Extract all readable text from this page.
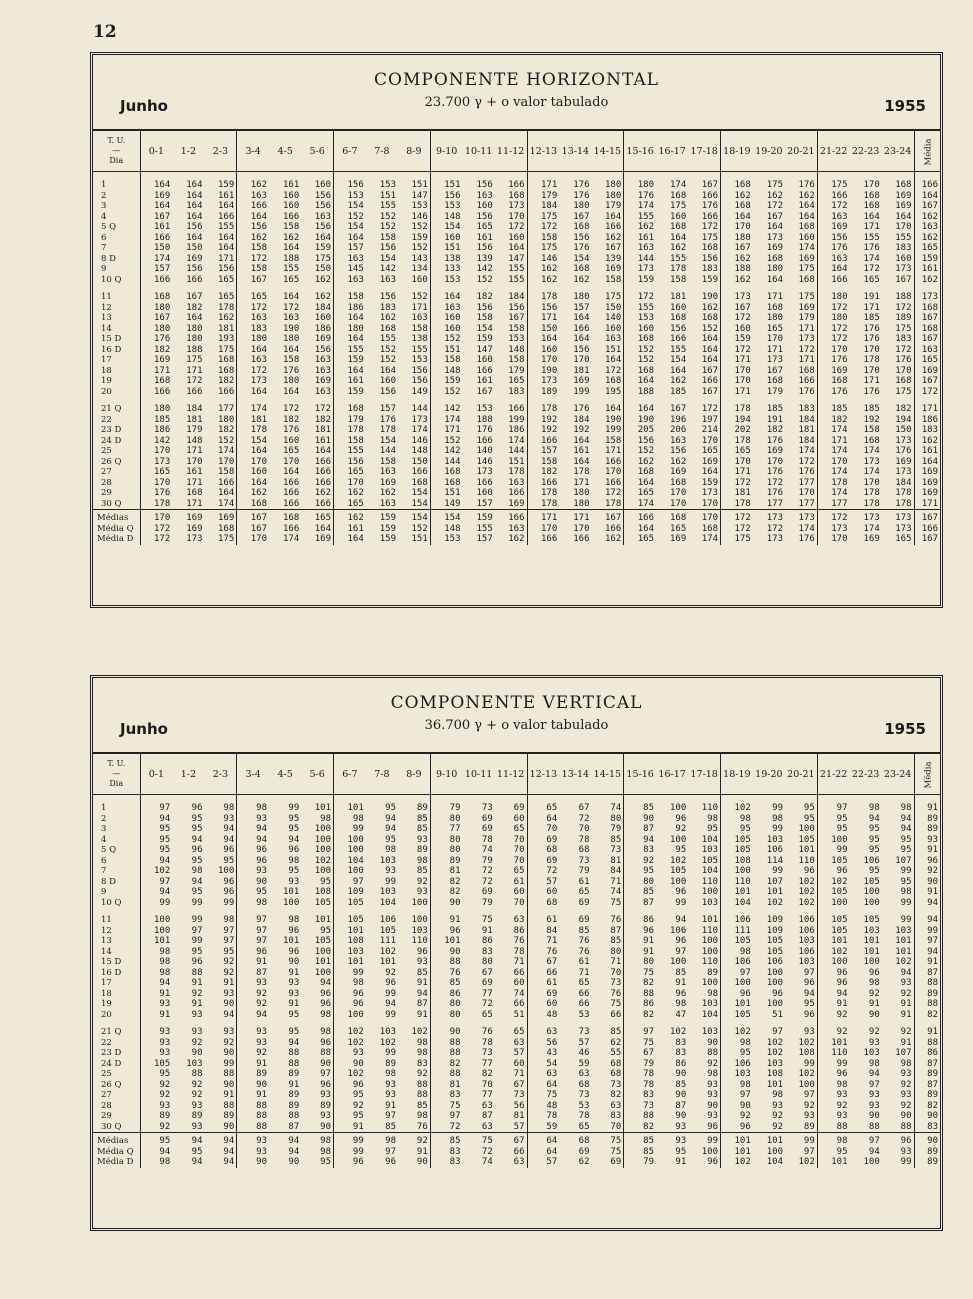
12
COMPONENTE HORIZONTAL
23.700 γ + o valor tabulado
Junho	1955
T. U.
—
Dia	0-1	1-2	2-3	3-4	4-5	5-6	6-7	7-8	8-9	9-10	10-11	11-12	12-13	13-14	14-15	15-16	16-17	17-18	18-19	19-20	20-21	21-22	22-23	23-24	Média
1	164	164	159	162	161	160	156	153	151	151	156	166	171	176	180	180	174	167	168	175	176	175	170	168	166
2	169	164	161	163	160	156	153	151	147	156	163	168	179	176	180	176	168	166	162	162	162	166	168	169	164
3	164	164	164	166	160	156	154	155	153	153	160	173	184	180	179	174	175	176	168	172	164	172	168	169	167
4	167	164	166	164	166	163	152	152	146	148	156	170	175	167	164	155	160	166	164	167	164	163	164	164	162
5 Q	161	156	155	156	158	156	154	152	152	154	165	172	172	168	166	162	168	172	170	164	168	169	171	170	163
6	166	164	164	162	162	164	164	158	159	160	161	160	158	156	162	161	164	175	180	173	160	156	155	155	162
7	150	150	164	158	164	159	157	156	152	151	156	164	175	176	167	163	162	168	167	169	174	176	176	183	165
8 D	174	169	171	172	188	175	163	154	143	138	139	147	146	154	139	144	155	156	162	168	169	163	174	160	159
9	157	156	156	158	155	150	145	142	134	133	142	155	162	168	169	173	178	183	188	180	175	164	172	173	161
10 Q	166	166	165	167	165	162	163	163	160	153	152	155	162	162	158	159	158	159	162	164	168	166	165	167	162

11	168	167	165	165	164	162	158	156	152	164	182	184	178	180	175	172	181	190	173	171	175	180	191	188	173
12	180	182	178	172	172	184	186	183	171	163	156	156	156	157	150	155	160	162	167	168	169	172	171	172	168
13	167	164	162	163	163	160	164	162	163	160	158	167	171	164	140	153	168	168	172	180	179	180	185	189	167
14	180	180	181	183	190	186	180	168	158	160	154	158	150	166	160	160	156	152	160	165	171	172	176	175	168
15 D	176	180	193	180	180	169	164	155	138	152	159	153	164	164	163	168	166	164	159	170	173	172	176	183	167
16 D	182	188	175	164	164	156	155	152	155	151	147	148	160	156	151	152	155	164	172	171	172	170	170	172	163
17	169	175	168	163	158	163	159	152	153	158	160	158	170	170	164	152	154	164	171	173	171	176	178	176	165
18	171	171	168	172	176	163	164	164	156	148	166	179	190	181	172	168	164	167	170	167	168	169	170	170	169
19	168	172	182	173	180	169	161	160	156	159	161	165	173	169	168	164	162	166	170	168	166	168	171	168	167
20	166	166	166	164	164	163	159	156	149	152	167	183	189	199	195	188	185	167	171	179	176	176	176	175	172

21 Q	180	184	177	174	172	172	168	157	144	142	153	166	178	176	164	164	167	172	178	185	183	185	185	182	171
22	185	181	180	181	182	182	179	176	173	174	188	199	192	184	190	190	196	197	194	191	184	182	192	194	186
23 D	186	179	182	178	176	181	178	178	174	171	176	186	192	192	199	205	206	214	202	182	181	174	158	150	183
24 D	142	148	152	154	160	161	158	154	146	152	166	174	166	164	158	156	163	170	178	176	184	171	168	173	162
25	170	171	174	164	165	164	155	144	148	142	140	144	157	161	171	152	156	165	165	169	174	174	174	176	161
26 Q	173	170	170	170	170	166	156	158	150	144	146	151	158	164	166	162	162	169	170	170	172	170	173	169	164
27	165	161	158	160	164	166	165	163	166	168	173	178	182	178	170	168	169	164	171	176	176	174	174	173	169
28	170	171	166	164	166	166	170	169	168	168	166	163	166	171	166	164	168	159	172	172	177	178	170	184	169
29	176	168	164	162	166	162	162	162	154	151	160	166	178	180	172	165	170	173	181	176	170	174	178	178	169
30 Q	178	171	174	168	166	166	165	163	154	149	157	169	178	180	178	174	170	170	178	177	177	177	178	178	171
Médias	170	169	169	167	168	165	162	159	154	154	159	166	171	171	167	166	168	170	172	173	173	172	173	173	167
Média Q	172	169	168	167	166	164	161	159	152	148	155	163	170	170	166	164	165	168	172	172	174	173	174	173	166
Média D	172	173	175	170	174	169	164	159	151	153	157	162	166	166	162	165	169	174	175	173	176	170	169	165	167
COMPONENTE VERTICAL
36.700 γ + o valor tabulado
Junho	1955
T. U.
—
Dia	0-1	1-2	2-3	3-4	4-5	5-6	6-7	7-8	8-9	9-10	10-11	11-12	12-13	13-14	14-15	15-16	16-17	17-18	18-19	19-20	20-21	21-22	22-23	23-24	Média
1	97	96	98	98	99	101	101	95	89	79	73	69	65	67	74	85	100	110	102	99	95	97	98	98	91
2	94	95	93	93	95	98	98	94	85	80	69	60	64	72	80	90	96	98	98	98	95	95	94	94	89
3	95	95	94	94	95	100	99	94	85	77	69	65	70	70	79	87	92	95	95	99	100	95	95	94	89
4	95	94	94	94	94	100	100	95	93	80	78	70	69	78	85	94	100	104	105	103	105	100	95	95	93
5 Q	95	96	96	96	96	100	100	98	89	80	74	70	68	68	73	83	95	103	105	106	101	99	95	95	91
6	94	95	95	96	98	102	104	103	98	89	79	70	69	73	81	92	102	105	108	114	110	105	106	107	96
7	102	98	100	93	95	100	100	93	85	81	72	65	72	79	84	95	105	104	100	99	96	96	95	99	92
8 D	97	94	96	90	93	95	97	99	92	82	72	61	57	61	71	80	100	110	110	107	102	102	105	95	90
9	94	95	96	95	101	108	109	103	93	82	69	60	60	65	74	85	96	100	101	101	102	105	100	98	91
10 Q	99	99	99	98	100	105	105	104	100	90	79	70	68	69	75	87	99	103	104	102	102	100	100	99	94

11	100	99	98	97	98	101	105	106	100	91	75	63	61	69	76	86	94	101	106	109	106	105	105	99	94
12	100	97	97	97	96	95	101	105	103	96	91	86	84	85	87	96	106	110	111	109	106	105	103	103	99
13	101	99	97	97	101	105	108	111	110	101	86	76	71	76	85	91	96	100	105	105	103	101	101	101	97
14	98	95	95	96	96	100	103	102	96	90	83	78	76	76	80	91	97	100	98	105	106	102	101	101	94
15 D	98	96	92	91	90	101	101	101	93	88	80	71	67	61	71	80	100	110	106	106	103	100	100	102	91
16 D	98	88	92	87	91	100	99	92	85	76	67	66	66	71	70	75	85	89	97	100	97	96	96	94	87
17	94	91	91	93	93	94	98	96	91	85	69	60	61	65	73	82	91	100	100	100	96	96	98	93	88
18	91	92	93	92	93	96	96	99	94	86	77	74	69	66	76	88	96	98	96	96	94	94	92	92	89
19	93	91	90	92	91	96	96	94	87	80	72	66	60	66	75	86	98	103	101	100	95	91	91	91	88
20	91	93	94	94	95	98	100	99	91	80	65	51	48	53	66	82	47	104	105	51	96	92	90	91	82

21 Q	93	93	93	93	95	98	102	103	102	90	76	65	63	73	85	97	102	103	102	97	93	92	92	92	91
22	93	92	92	93	94	96	102	102	98	88	78	63	56	57	62	75	83	90	98	102	102	101	93	91	88
23 D	93	90	90	92	88	88	93	99	98	88	73	57	43	46	55	67	83	88	95	102	108	110	103	107	86
24 D	105	103	99	91	88	90	90	89	83	82	77	60	54	59	68	79	86	92	106	103	99	99	98	98	87
25	95	88	88	89	89	97	102	98	92	88	82	71	63	63	68	78	90	98	103	108	102	96	94	93	89
26 Q	92	92	90	90	91	96	96	93	88	81	70	67	64	68	73	78	85	93	98	101	100	98	97	92	87
27	92	92	91	91	89	93	95	93	88	83	77	73	75	73	82	83	90	93	97	98	97	93	93	93	89
28	93	93	88	88	89	89	92	91	85	75	63	56	48	53	63	73	87	90	90	93	92	92	93	92	82
29	89	89	89	88	88	93	95	97	98	97	87	81	78	78	83	88	90	93	92	92	93	93	90	90	90
30 Q	92	93	90	88	87	90	91	85	76	72	63	57	59	65	70	82	93	96	96	92	89	88	88	88	83
Médias	95	94	94	93	94	98	99	98	92	85	75	67	64	68	75	85	93	99	101	101	99	98	97	96	90
Média Q	94	95	94	93	94	98	99	97	91	83	72	66	64	69	75	85	95	100	101	100	97	95	94	93	89
Média D	98	94	94	90	90	95	96	96	90	83	74	63	57	62	69	79	91	96	102	104	102	101	100	99	89
